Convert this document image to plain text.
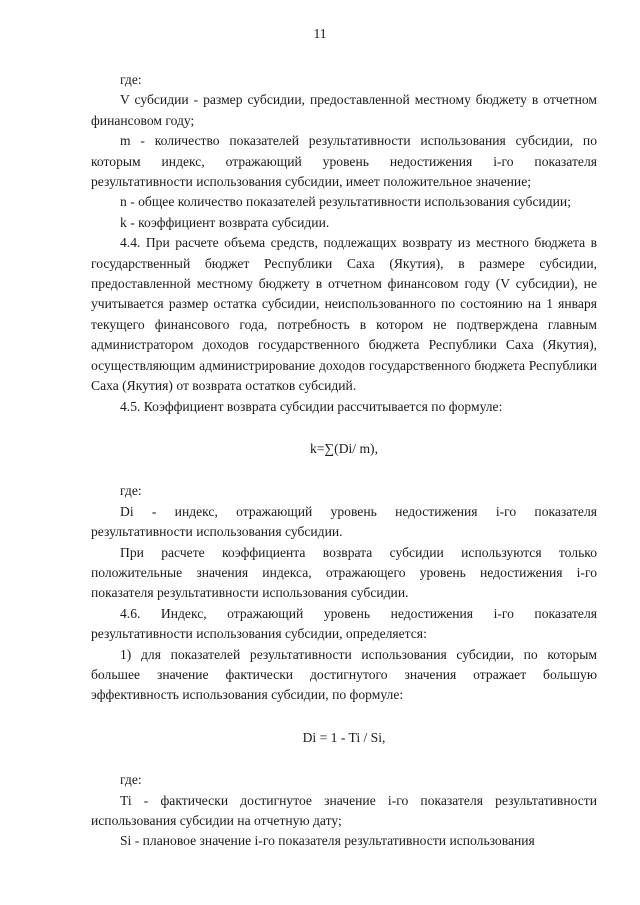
11

где:

V субсидии - размер субсидии, предоставленной местному бюджету в отчетном финансовом году;

m - количество показателей результативности использования субсидии, по которым индекс, отражающий уровень недостижения i-го показателя результативности использования субсидии, имеет положительное значение;

n - общее количество показателей результативности использования субсидии;

k - коэффициент возврата субсидии.

4.4. При расчете объема средств, подлежащих возврату из местного бюджета в государственный бюджет Республики Саха (Якутия), в размере субсидии, предоставленной местному бюджету в отчетном финансовом году (V субсидии), не учитывается размер остатка субсидии, неиспользованного по состоянию на 1 января текущего финансового года, потребность в котором не подтверждена главным администратором доходов государственного бюджета Республики Саха (Якутия), осуществляющим администрирование доходов государственного бюджета Республики Саха (Якутия) от возврата остатков субсидий.

4.5. Коэффициент возврата субсидии рассчитывается по формуле:

k=∑(Di/ m),

где:

Di - индекс, отражающий уровень недостижения i-го показателя результативности использования субсидии.

При расчете коэффициента возврата субсидии используются только положительные значения индекса, отражающего уровень недостижения i-го показателя результативности использования субсидии.

4.6. Индекс, отражающий уровень недостижения i-го показателя результативности использования субсидии, определяется:

1) для показателей результативности использования субсидии, по которым большее значение фактически достигнутого значения отражает большую эффективность использования субсидии, по формуле:

Di = 1 - Ti / Si,

где:

Ti - фактически достигнутое значение i-го показателя результативности использования субсидии на отчетную дату;

Si - плановое значение i-го показателя результативности использования
